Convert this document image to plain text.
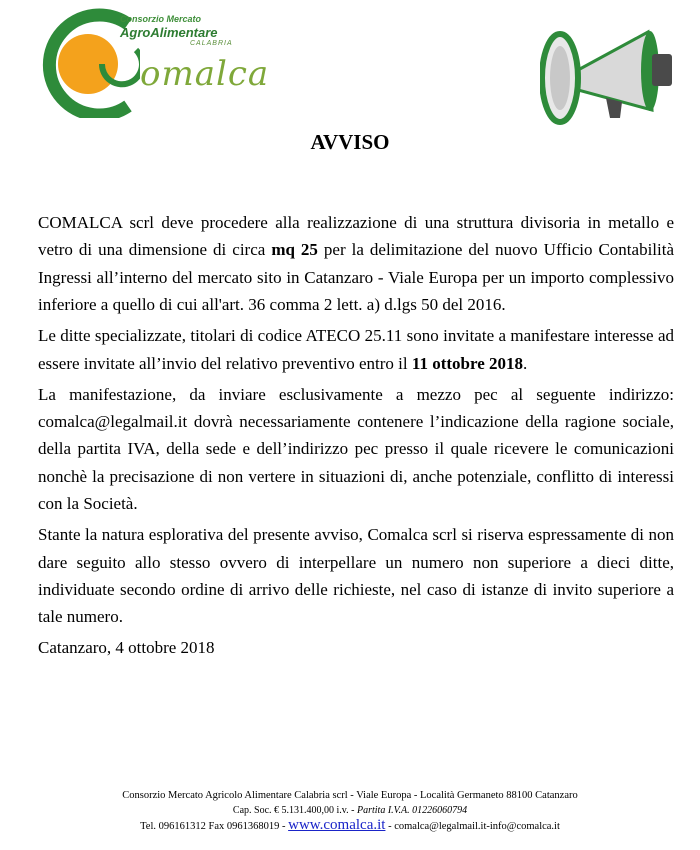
Consorzio Mercato
AgroAlimentare
CALABRIA
omalca
AVVISO

COMALCA scrl deve procedere alla realizzazione di una struttura divisoria in metallo e vetro di una dimensione di circa mq 25 per la delimitazione del nuovo Ufficio Contabilità Ingressi all’interno del mercato sito in Catanzaro - Viale Europa per un importo complessivo inferiore a quello di cui all'art. 36 comma 2 lett. a) d.lgs 50 del 2016.

Le ditte specializzate, titolari di codice ATECO 25.11 sono invitate a manifestare interesse ad essere invitate all’invio del relativo preventivo entro il 11 ottobre 2018.

La manifestazione, da inviare esclusivamente a mezzo pec al seguente indirizzo: comalca@legalmail.it dovrà necessariamente contenere l’indicazione della ragione sociale, della partita IVA, della sede e dell’indirizzo pec presso il quale ricevere le comunicazioni nonchè la precisazione di non vertere in situazioni di, anche potenziale, conflitto di interessi con la Società.

Stante la natura esplorativa del presente avviso, Comalca scrl si riserva espressamente di non dare seguito allo stesso ovvero di interpellare un numero non superiore a dieci ditte, individuate secondo ordine di arrivo delle richieste, nel caso di istanze di invito superiore a tale numero.

Catanzaro, 4 ottobre 2018

Consorzio Mercato Agricolo Alimentare Calabria scrl - Viale Europa - Località Germaneto 88100 Catanzaro
Cap. Soc. € 5.131.400,00 i.v. - Partita I.V.A. 01226060794
Tel. 096161312 Fax 0961368019 - www.comalca.it - comalca@legalmail.it-info@comalca.it
